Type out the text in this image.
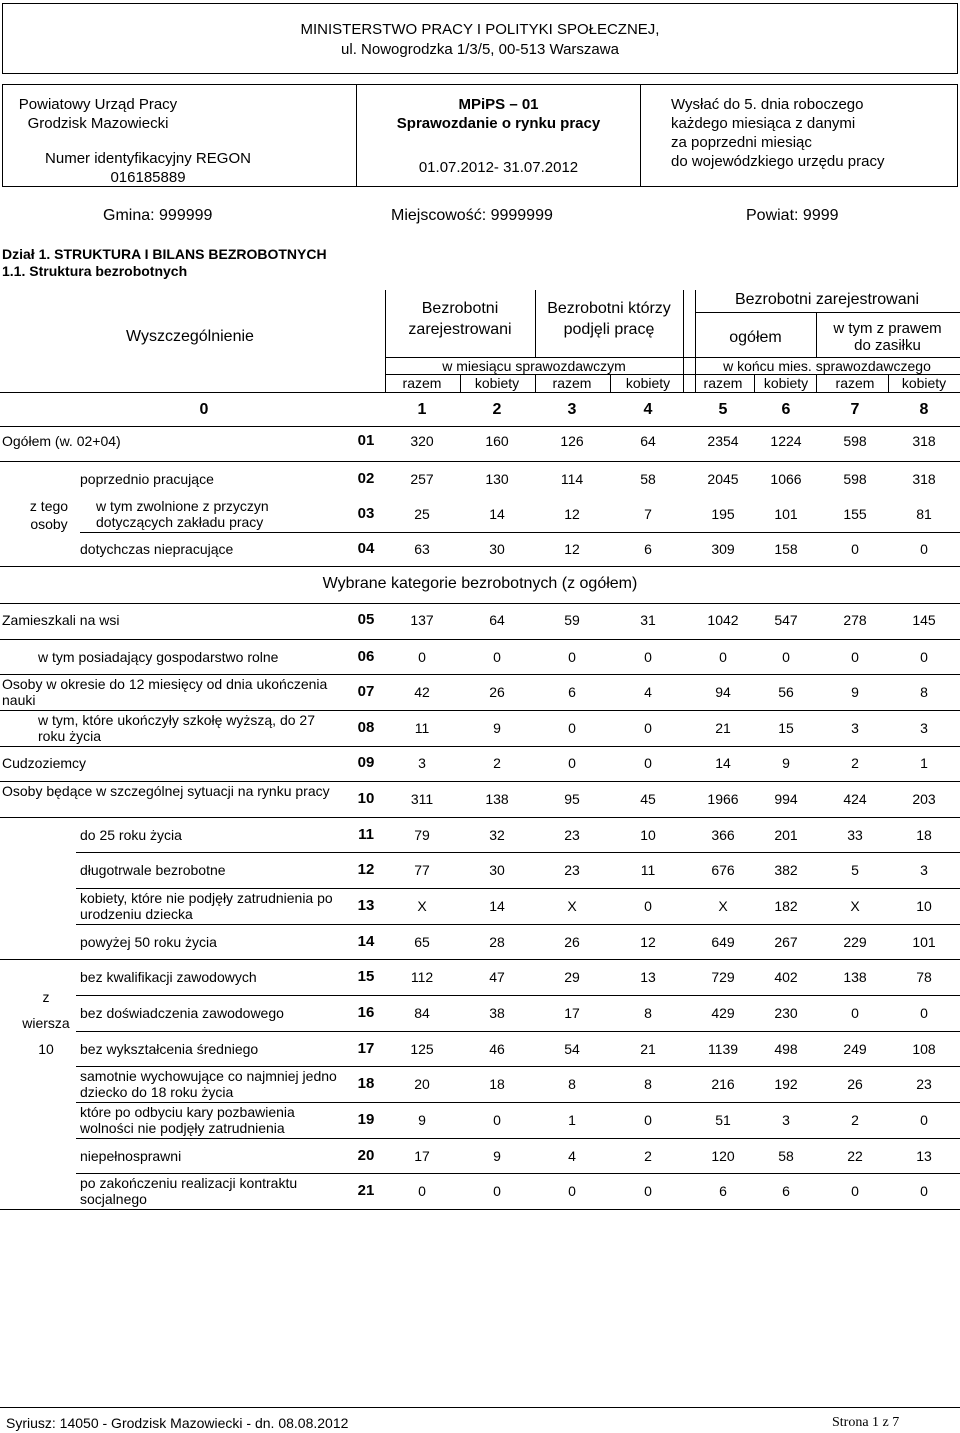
MINISTERSTWO PRACY I POLITYKI SPOŁECZNEJ,
ul. Nowogrodzka 1/3/5, 00-513 Warszawa
Powiatowy Urząd Pracy
Grodzisk Mazowiecki
Numer identyfikacyjny REGON
016185889
MPiPS – 01
Sprawozdanie o rynku pracy
01.07.2012- 31.07.2012
Wysłać do 5. dnia roboczego
każdego miesiąca z danymi
za poprzedni miesiąc
do wojewódzkiego urzędu pracy
Gmina: 999999	Miejscowość: 9999999	Powiat: 9999
Dział 1. STRUKTURA I BILANS BEZROBOTNYCH
1.1. Struktura bezrobotnych
Wyszczególnienie
Bezrobotni
zarejestrowani
Bezrobotni którzy
podjęli pracę
Bezrobotni zarejestrowani
ogółem
w tym z prawem
do zasiłku
w miesiącu sprawozdawczym	w końcu mies. sprawozdawczego
razem	kobiety	razem	kobiety	razem	kobiety	razem	kobiety
0	1	2	3	4	5	6	7	8
Ogółem (w. 02+04)	01	320	160	126	64	2354	1224	598	318
poprzednio pracujące	02	257	130	114	58	2045	1066	598	318
w tym zwolnione z przyczyn dotyczących zakładu pracy	03	25	14	12	7	195	101	155	81
dotychczas niepracujące	04	63	30	12	6	309	158	0	0
Zamieszkali na wsi	05	137	64	59	31	1042	547	278	145
w tym posiadający gospodarstwo rolne	06	0	0	0	0	0	0	0	0
Osoby w okresie do 12 miesięcy od dnia ukończenia nauki	07	42	26	6	4	94	56	9	8
w tym, które ukończyły szkołę wyższą, do 27 roku życia	08	11	9	0	0	21	15	3	3
Cudzoziemcy	09	3	2	0	0	14	9	2	1
Osoby będące w szczególnej sytuacji na rynku pracy	10	311	138	95	45	1966	994	424	203
do 25 roku życia	11	79	32	23	10	366	201	33	18
długotrwale bezrobotne	12	77	30	23	11	676	382	5	3
kobiety, które nie podjęły zatrudnienia po urodzeniu dziecka	13	X	14	X	0	X	182	X	10
powyżej 50 roku życia	14	65	28	26	12	649	267	229	101
bez kwalifikacji zawodowych	15	112	47	29	13	729	402	138	78
bez doświadczenia zawodowego	16	84	38	17	8	429	230	0	0
bez wykształcenia średniego	17	125	46	54	21	1139	498	249	108
samotnie wychowujące co najmniej jedno dziecko do 18 roku życia	18	20	18	8	8	216	192	26	23
które po odbyciu kary pozbawienia wolności nie podjęły zatrudnienia	19	9	0	1	0	51	3	2	0
niepełnosprawni	20	17	9	4	2	120	58	22	13
po zakończeniu realizacji kontraktu socjalnego	21	0	0	0	0	6	6	0	0
z tego
osoby
z
wiersza
10
Wybrane kategorie bezrobotnych (z ogółem)
Syriusz: 14050 - Grodzisk Mazowiecki - dn. 08.08.2012	Strona 1 z 7
